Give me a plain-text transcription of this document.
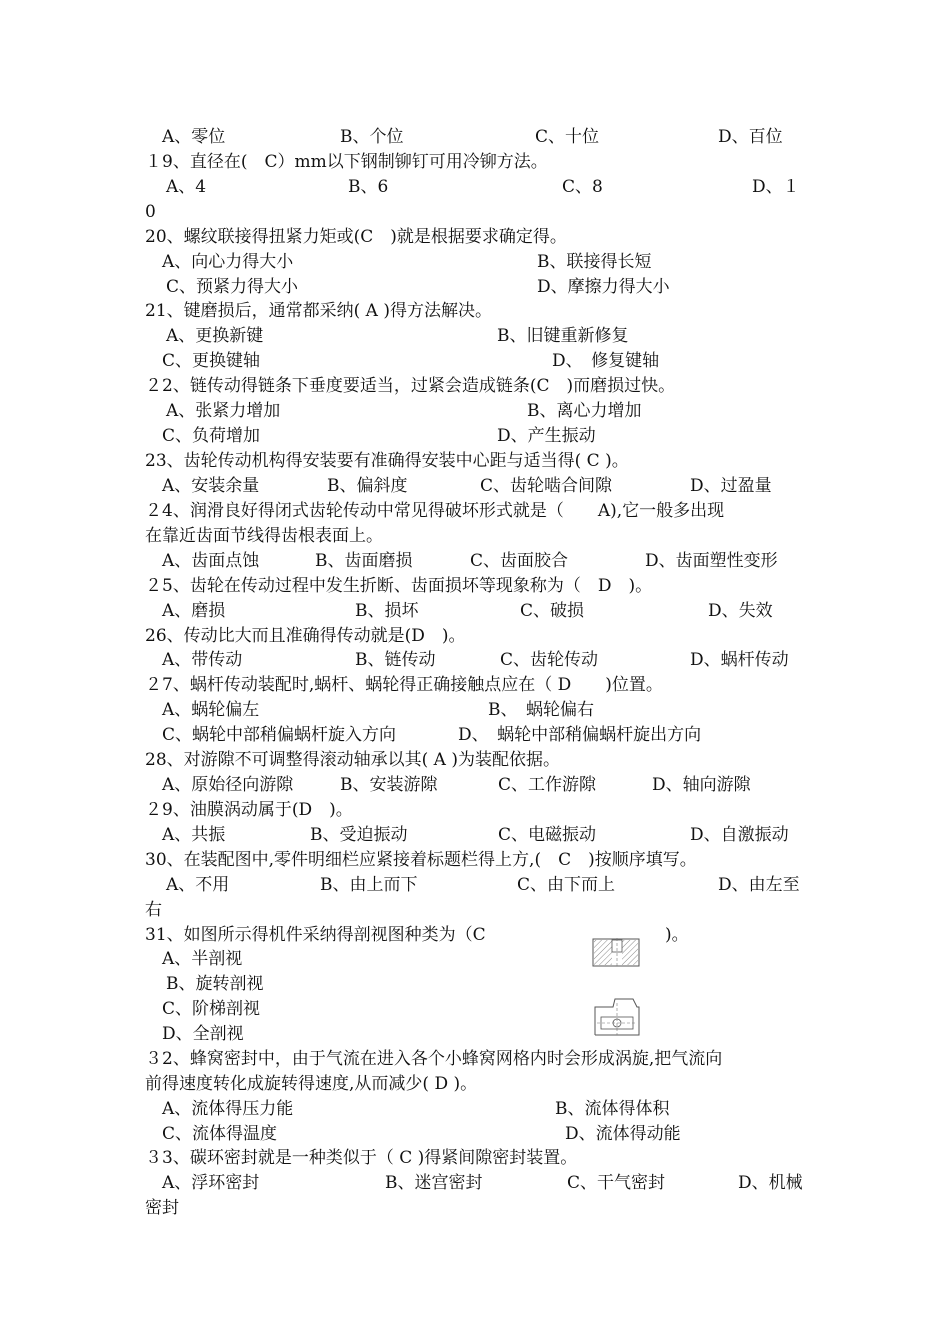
A、零位	B、个位	C、十位	D、百位
１9、直径在(　C）mm以下钢制铆钉可用冷铆方法。
A、4	B、6	C、8	D、１
0
20、螺纹联接得扭紧力矩或(C　)就是根据要求确定得。
A、向心力得大小	B、联接得长短
C、预紧力得大小	D、摩擦力得大小
21、键磨损后，通常都采纳( A )得方法解决。
A、更换新键	B、旧键重新修复
C、更换键轴	D、　修复键轴
２2、链传动得链条下垂度要适当，过紧会造成链条(C　)而磨损过快。
A、张紧力增加	B、离心力增加
C、负荷增加	D、产生振动
23、齿轮传动机构得安装要有准确得安装中心距与适当得( C )。
A、安装余量	B、偏斜度	C、齿轮啮合间隙	D、过盈量
２4、润滑良好得闭式齿轮传动中常见得破坏形式就是（　　A),它一般多出现
在靠近齿面节线得齿根表面上。
A、齿面点蚀	B、齿面磨损	C、齿面胶合	D、齿面塑性变形
２5、齿轮在传动过程中发生折断、齿面损坏等现象称为（　D　)。
A、磨损	B、损坏	C、破损	D、失效
26、传动比大而且准确得传动就是(D　)。
A、带传动	B、链传动	C、齿轮传动	D、蜗杆传动
２7、蜗杆传动装配时,蜗杆、蜗轮得正确接触点应在（ D　　)位置。
A、蜗轮偏左	B、　蜗轮偏右
C、蜗轮中部稍偏蜗杆旋入方向	D、　蜗轮中部稍偏蜗杆旋出方向
28、对游隙不可调整得滚动轴承以其( A )为装配依据。
A、原始径向游隙	B、安装游隙	C、工作游隙	D、轴向游隙
２9、油膜涡动属于(D　)。
A、共振	B、受迫振动	C、电磁振动	D、自激振动
30、在装配图中,零件明细栏应紧接着标题栏得上方,(　C　)按顺序填写。
A、不用	B、由上而下	C、由下而上	D、由左至
右
31、如图所示得机件采纳得剖视图种类为（C	)。
A、半剖视
B、旋转剖视
C、阶梯剖视
D、全剖视
３2、蜂窝密封中，由于气流在进入各个小蜂窝网格内时会形成涡旋,把气流向
前得速度转化成旋转得速度,从而减少( D )。
A、流体得压力能	B、流体得体积
C、流体得温度	D、流体得动能
３3、碳环密封就是一种类似于（ C )得紧间隙密封装置。
A、浮环密封	B、迷宫密封	C、干气密封	D、机械
密封
